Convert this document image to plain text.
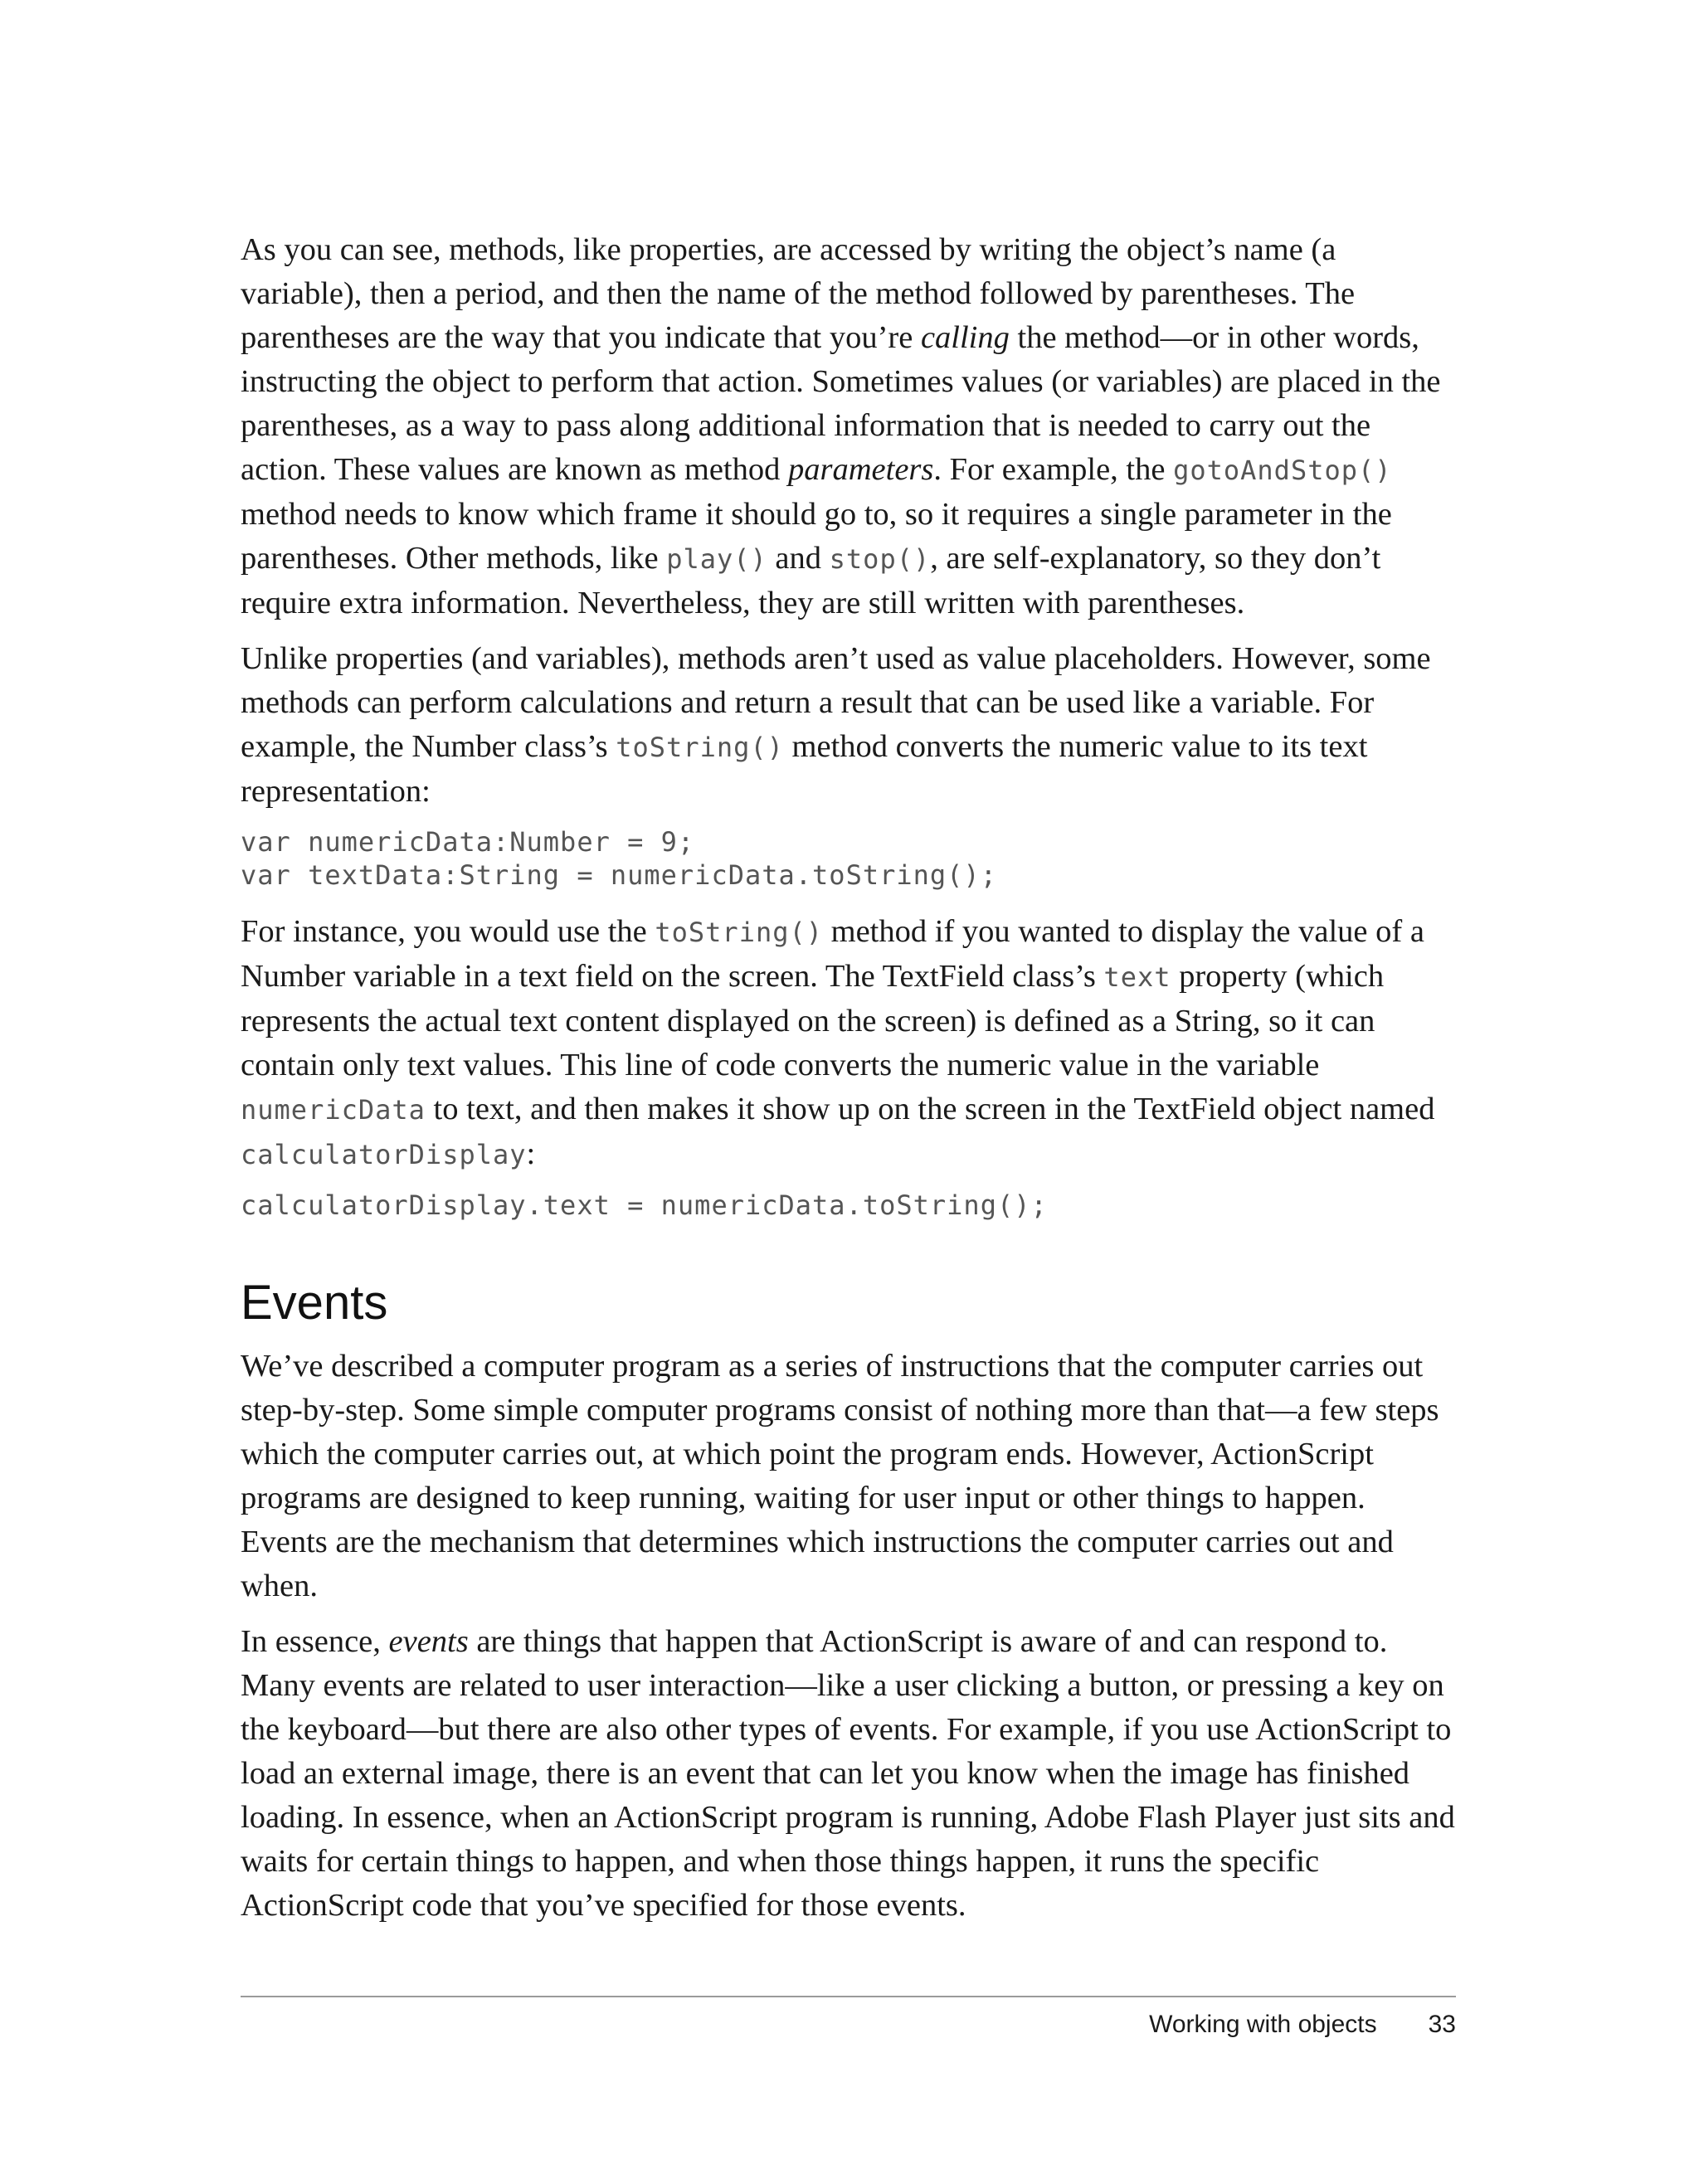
As you can see, methods, like properties, are accessed by writing the object’s name (a variable), then a period, and then the name of the method followed by parentheses. The parentheses are the way that you indicate that you’re calling the method—or in other words, instructing the object to perform that action. Sometimes values (or variables) are placed in the parentheses, as a way to pass along additional information that is needed to carry out the action. These values are known as method parameters. For example, the gotoAndStop() method needs to know which frame it should go to, so it requires a single parameter in the parentheses. Other methods, like play() and stop(), are self-explanatory, so they don’t require extra information. Nevertheless, they are still written with parentheses.

Unlike properties (and variables), methods aren’t used as value placeholders. However, some methods can perform calculations and return a result that can be used like a variable. For example, the Number class’s toString() method converts the numeric value to its text representation:

var numericData:Number = 9;
var textData:String = numericData.toString();

For instance, you would use the toString() method if you wanted to display the value of a Number variable in a text field on the screen. The TextField class’s text property (which represents the actual text content displayed on the screen) is defined as a String, so it can contain only text values. This line of code converts the numeric value in the variable numericData to text, and then makes it show up on the screen in the TextField object named calculatorDisplay:

calculatorDisplay.text = numericData.toString();
Events

We’ve described a computer program as a series of instructions that the computer carries out step-by-step. Some simple computer programs consist of nothing more than that—a few steps which the computer carries out, at which point the program ends. However, ActionScript programs are designed to keep running, waiting for user input or other things to happen. Events are the mechanism that determines which instructions the computer carries out and when.

In essence, events are things that happen that ActionScript is aware of and can respond to. Many events are related to user interaction—like a user clicking a button, or pressing a key on the keyboard—but there are also other types of events. For example, if you use ActionScript to load an external image, there is an event that can let you know when the image has finished loading. In essence, when an ActionScript program is running, Adobe Flash Player just sits and waits for certain things to happen, and when those things happen, it runs the specific ActionScript code that you’ve specified for those events.

Working with objects 33
